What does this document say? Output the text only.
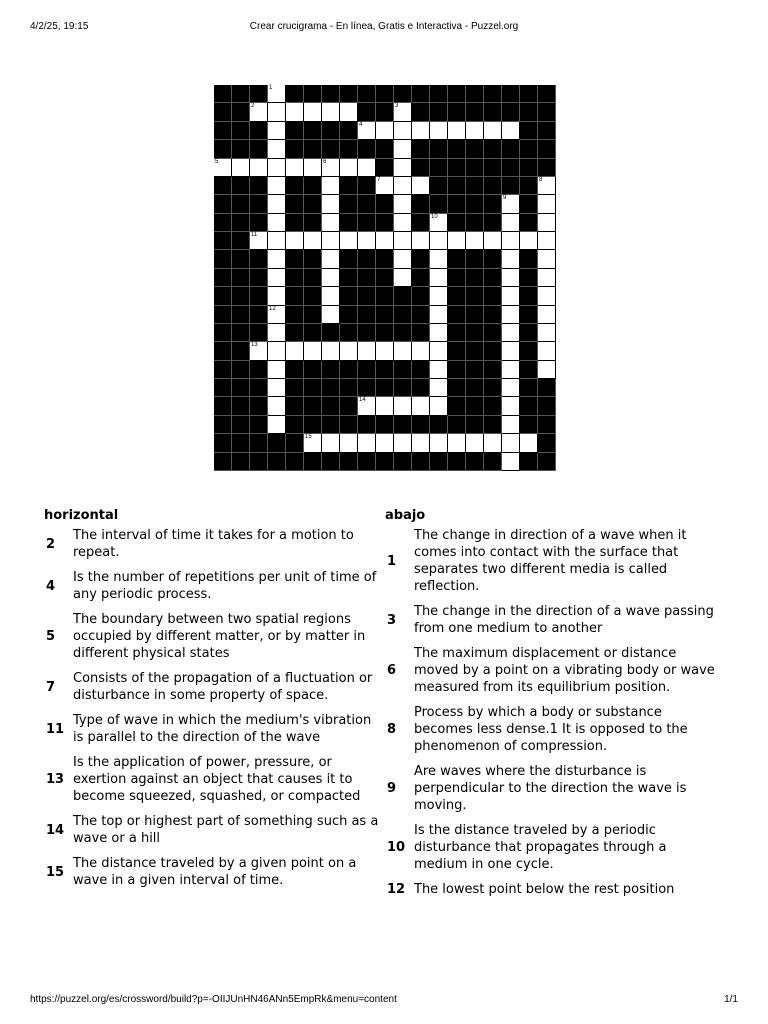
4/2/25, 19:15	Crear crucigrama - En línea, Gratis e Interactiva - Puzzel.org
1
2	3
4
5	6
7	8
9
10
11
12
13
14
15
horizontal
2
The interval of time it takes for a motion to repeat.
4
Is the number of repetitions per unit of time of any periodic process.
5
The boundary between two spatial regions occupied by different matter, or by matter in different physical states
7
Consists of the propagation of a fluctuation or disturbance in some property of space.
11
Type of wave in which the medium's vibration is parallel to the direction of the wave
13
Is the application of power, pressure, or exertion against an object that causes it to become squeezed, squashed, or compacted
14
The top or highest part of something such as a wave or a hill
15
The distance traveled by a given point on a wave in a given interval of time.
abajo
1
The change in direction of a wave when it comes into contact with the surface that separates two different media is called reflection.
3
The change in the direction of a wave passing from one medium to another
6
The maximum displacement or distance moved by a point on a vibrating body or wave measured from its equilibrium position.
8
Process by which a body or substance becomes less dense.1 It is opposed to the phenomenon of compression.
9
Are waves where the disturbance is perpendicular to the direction the wave is moving.
10
Is the distance traveled by a periodic disturbance that propagates through a medium in one cycle.
12 The lowest point below the rest position
https://puzzel.org/es/crossword/build?p=-OIIJUnHN46ANn5EmpRk&menu=content	1/1
